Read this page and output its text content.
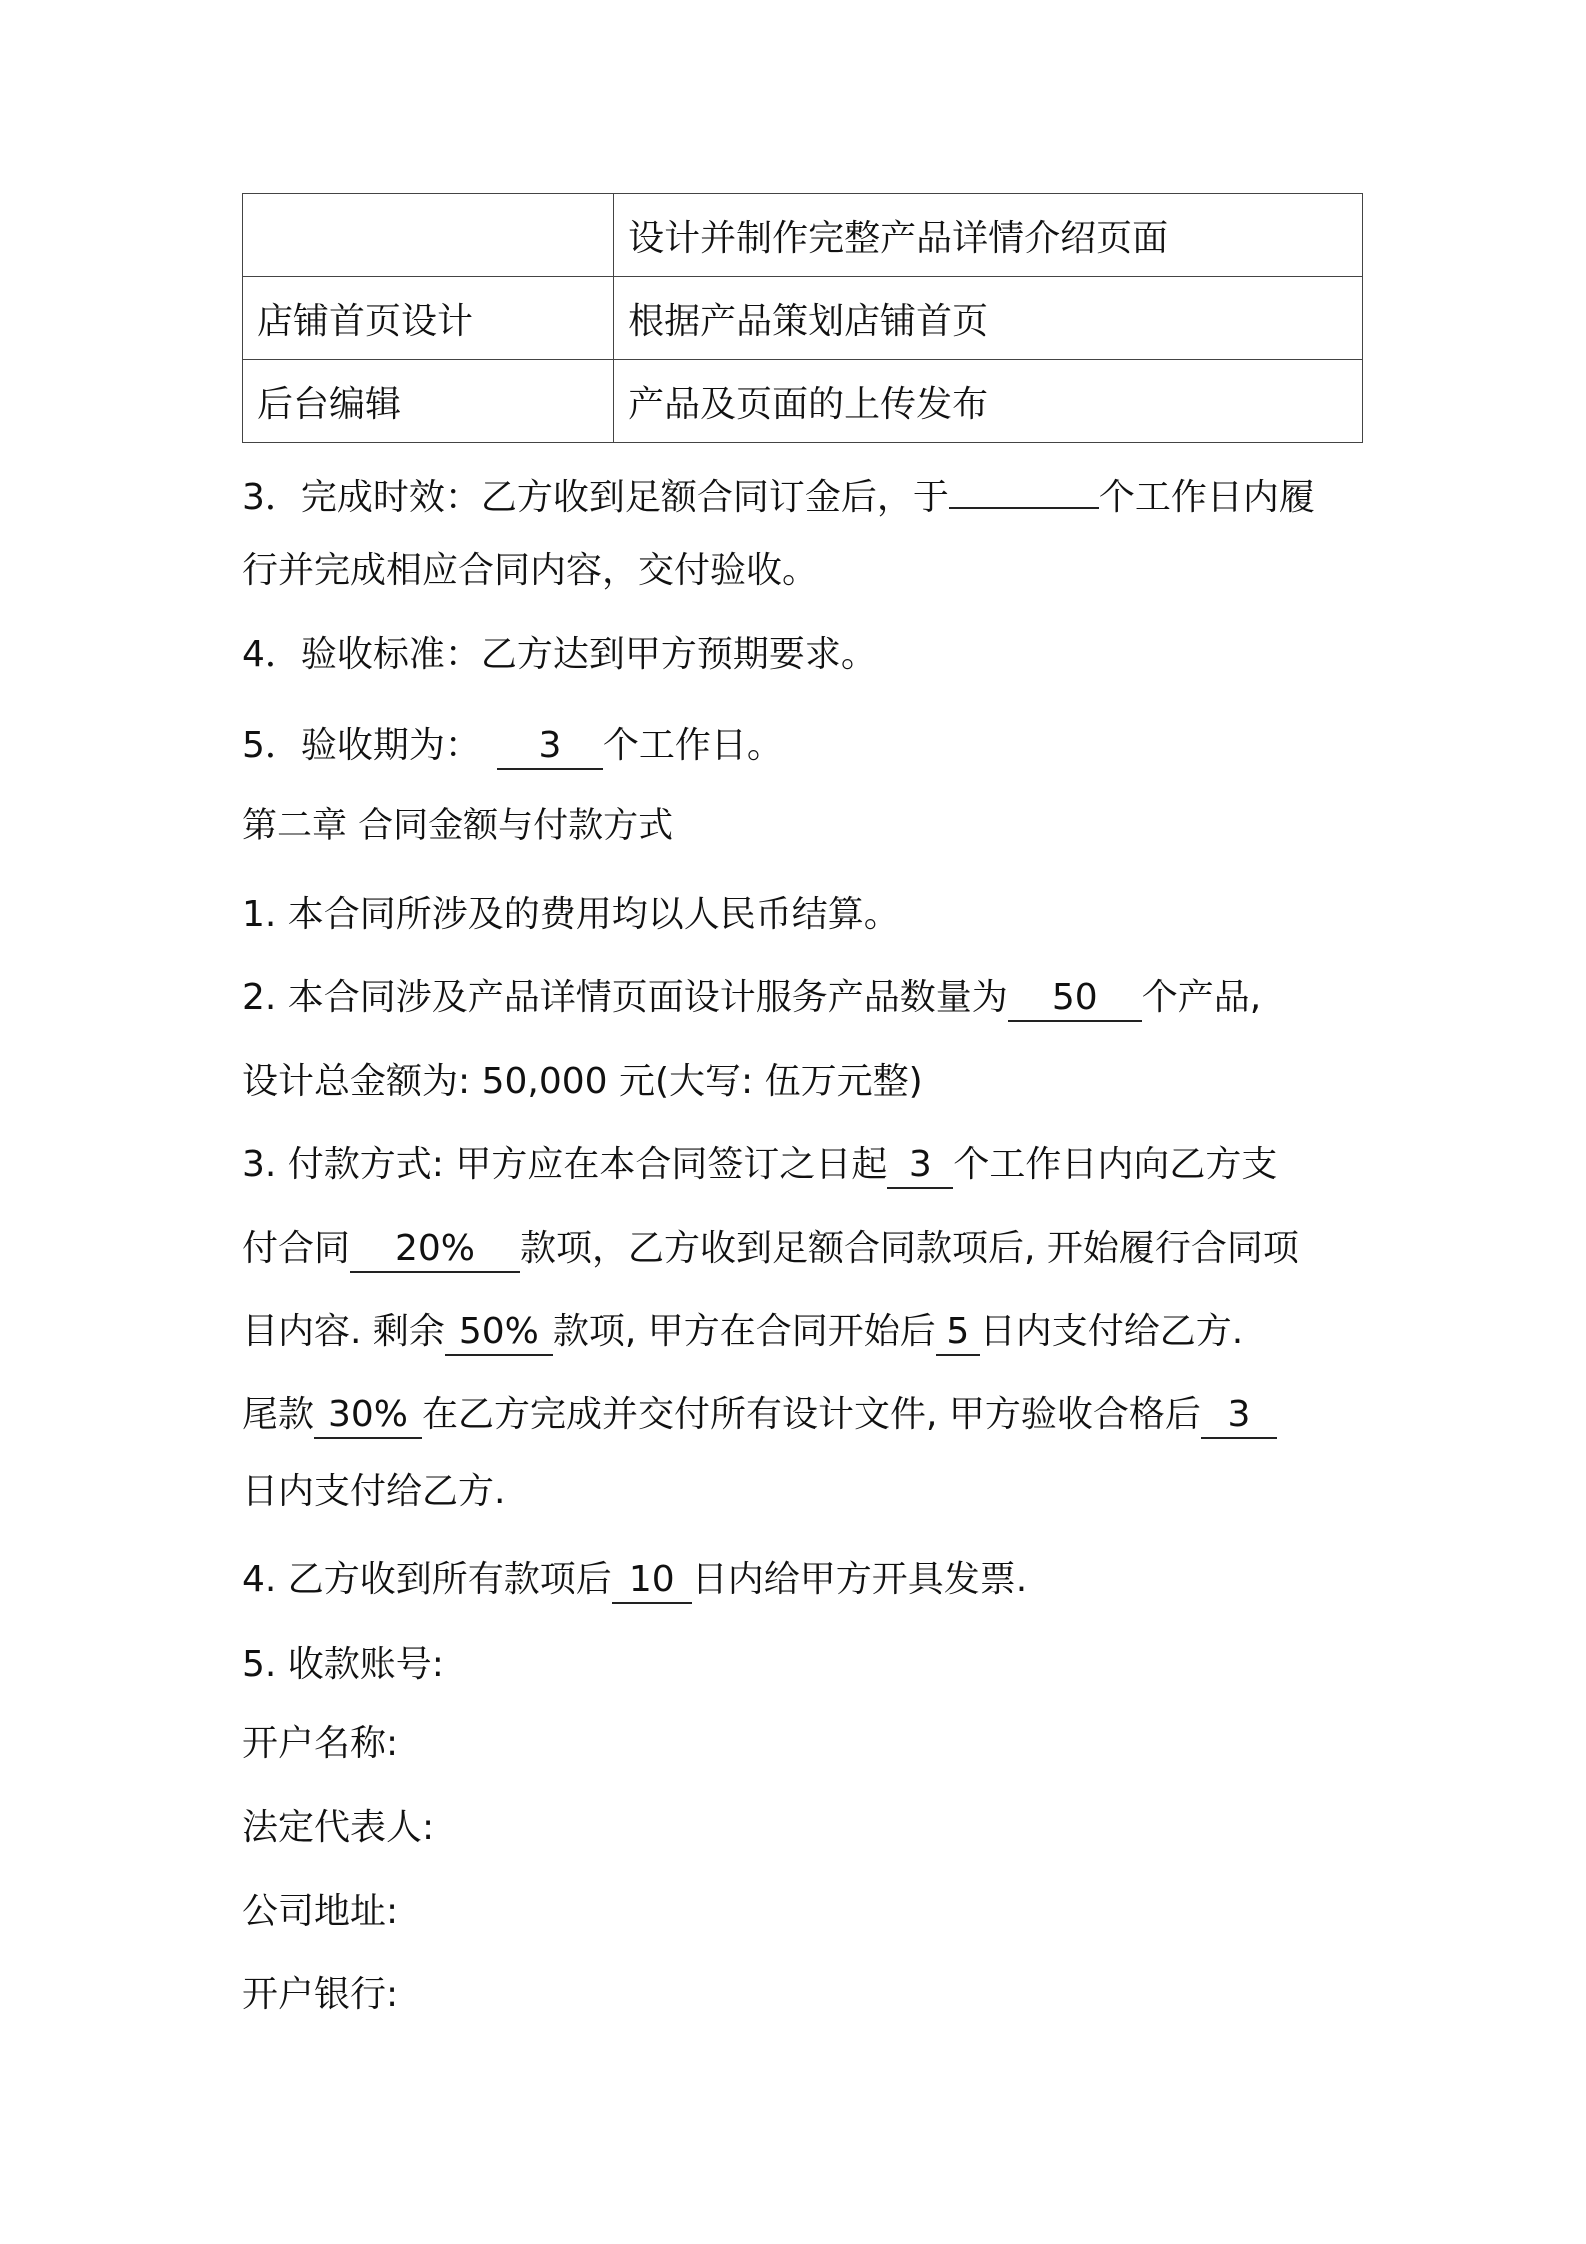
	设计并制作完整产品详情介绍页面
店铺首页设计	根据产品策划店铺首页
后台编辑	产品及页面的上传发布
3．完成时效：乙方收到足额合同订金后，于	个工作日内履
行并完成相应合同内容，交付验收。
4．验收标准：乙方达到甲方预期要求。
5．验收期为： 3 个工作日。
第二章 合同金额与付款方式
1. 本合同所涉及的费用均以人民币结算。
2. 本合同涉及产品详情页面设计服务产品数量为 50 个产品,
设计总金额为: 50,000 元(大写: 伍万元整)
3. 付款方式: 甲方应在本合同签订之日起 3 个工作日内向乙方支
付合同 20% 款项，乙方收到足额合同款项后, 开始履行合同项
目内容. 剩余 50% 款项, 甲方在合同开始后 5 日内支付给乙方.
尾款 30% 在乙方完成并交付所有设计文件, 甲方验收合格后 3
日内支付给乙方.
4. 乙方收到所有款项后 10 日内给甲方开具发票.
5. 收款账号:
开户名称:
法定代表人:
公司地址:
开户银行:
